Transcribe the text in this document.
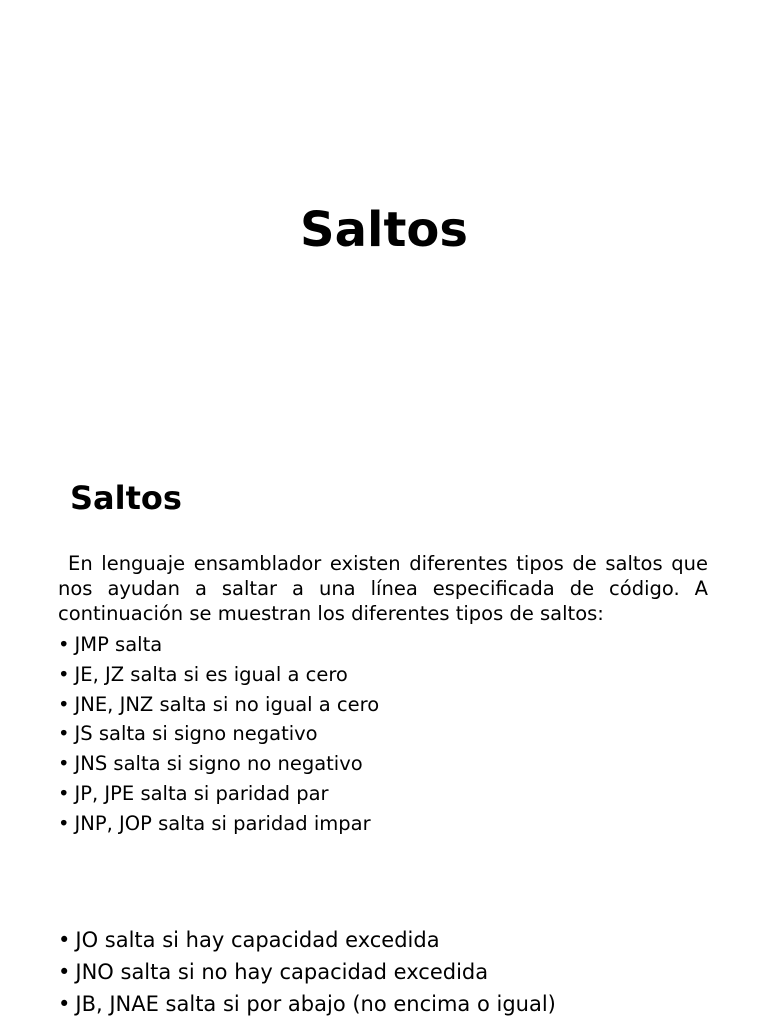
Saltos
Saltos

En lenguaje ensamblador existen diferentes tipos de saltos que nos ayudan a saltar a una línea especificada de código. A continuación se muestran los diferentes tipos de saltos:

• JMP salta
• JE, JZ salta si es igual a cero
• JNE, JNZ salta si no igual a cero
• JS salta si signo negativo
• JNS salta si signo no negativo
• JP, JPE salta si paridad par
• JNP, JOP salta si paridad impar
• JO salta si hay capacidad excedida
• JNO salta si no hay capacidad excedida
• JB, JNAE salta si por abajo (no encima o igual)
